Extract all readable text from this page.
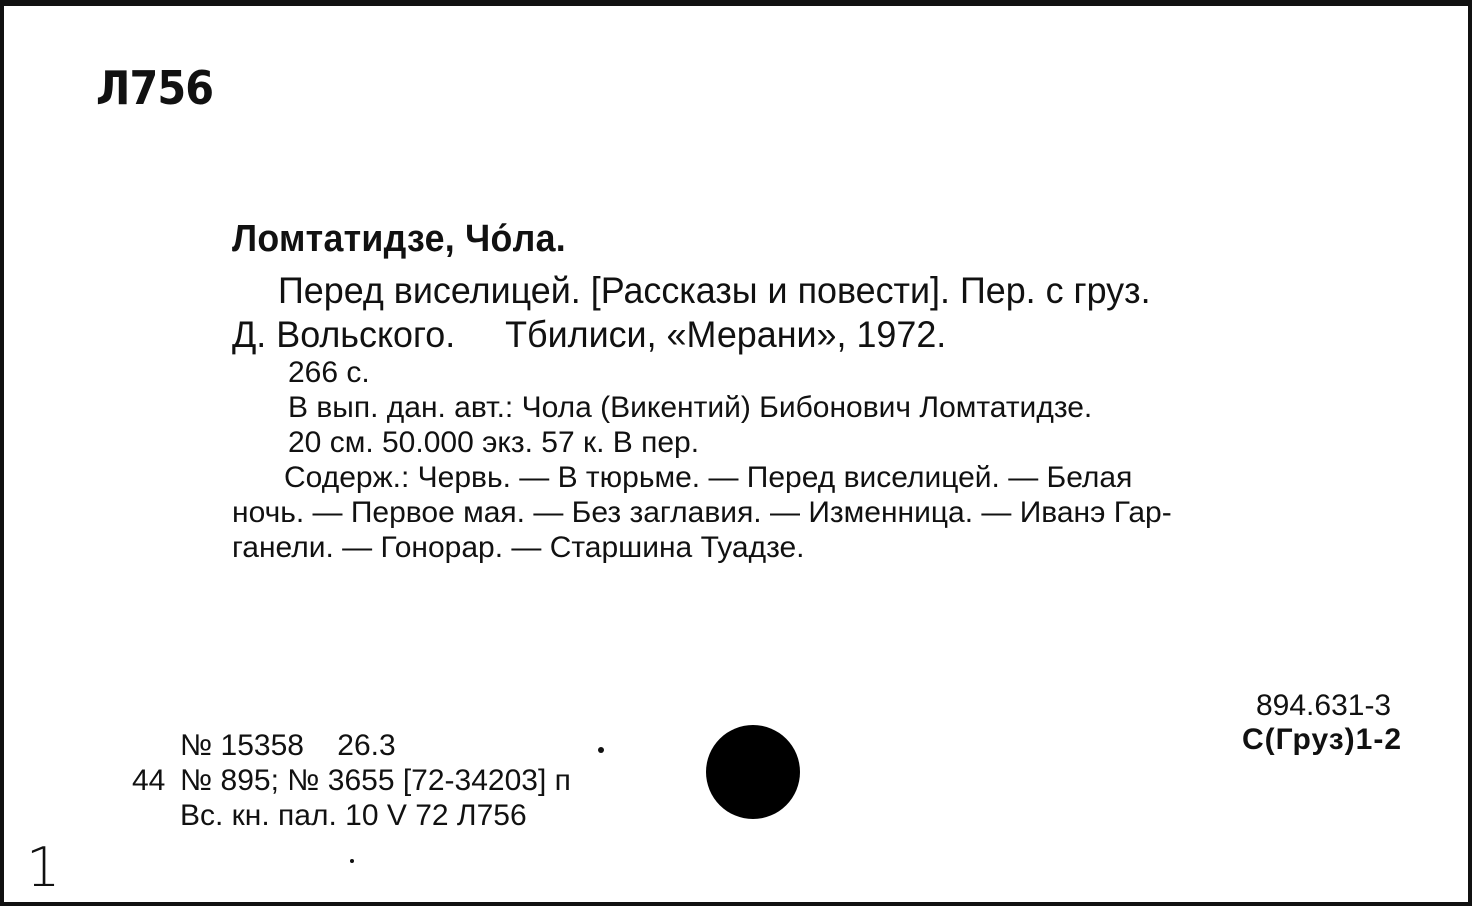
Л756
Ломтатидзе, Чо́ла.
Перед виселицей. [Рассказы и повести]. Пер. с груз.
Д. Вольского.     Тбилиси, «Мерани», 1972.
266 с.
В вып. дан. авт.: Чола (Викентий) Бибонович Ломтатидзе.
20 см. 50.000 экз. 57 к. В пер.
Содерж.: Червь. — В тюрьме. — Перед виселицей. — Белая
ночь. — Первое мая. — Без заглавия. — Изменница. — Иванэ Гар-
ганели. — Гонорар. — Старшина Туадзе.
894.631-3
С(Груз)1-2
№ 15358    26.3
44 № 895; № 3655 [72-34203] п
Вс. кн. пал. 10 V 72 Л756
1
